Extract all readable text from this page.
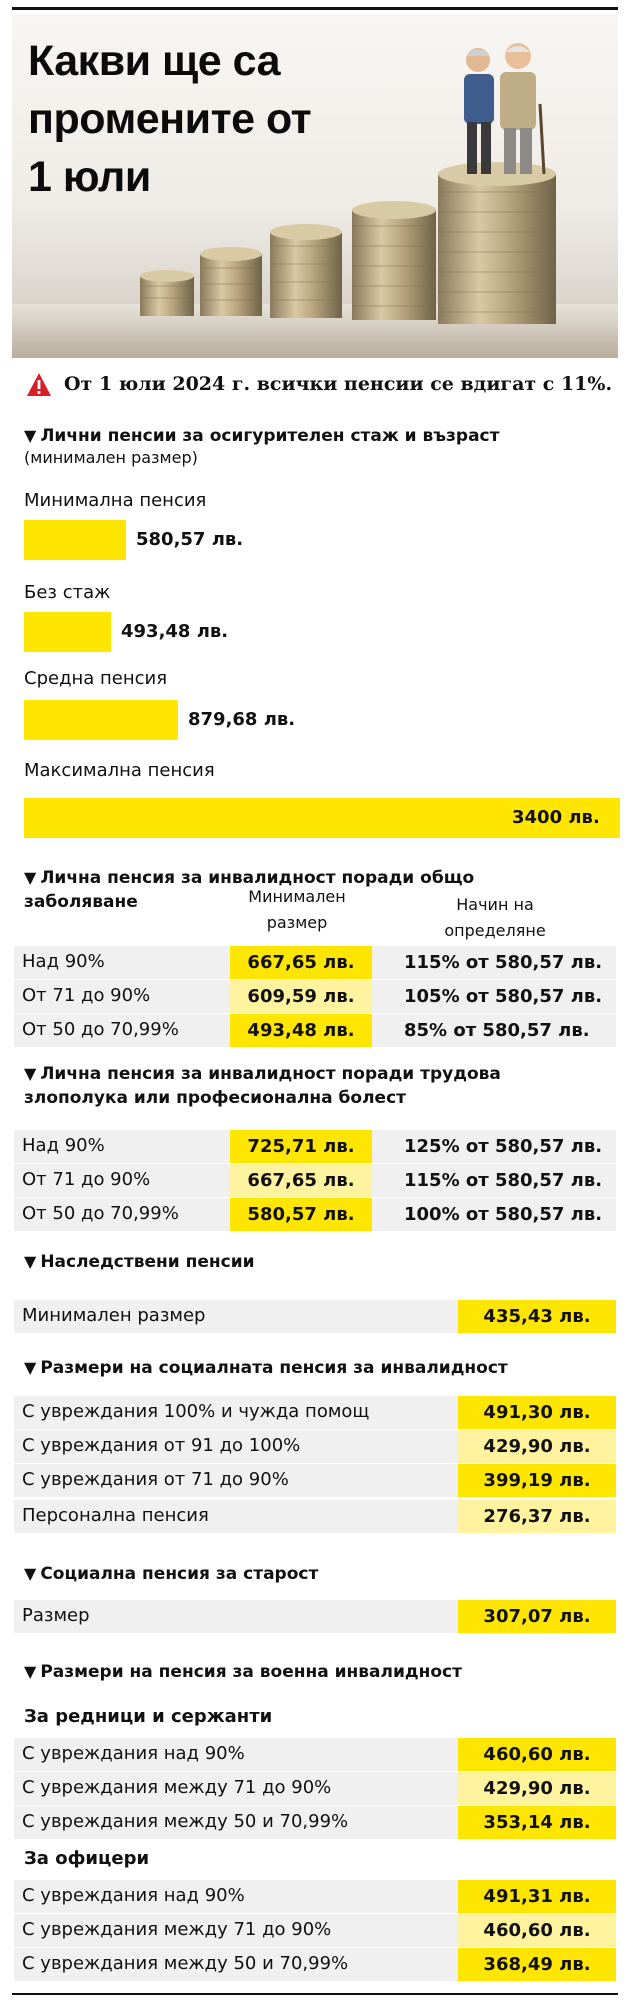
Какви ще са
промените от
1 юли
От 1 юли 2024 г. всички пенсии се вдигат с 11%.
▼ Лични пенсии за осигурителен стаж и възраст
(минимален размер)
Минимална пенсия
580,57 лв.
Без стаж
493,48 лв.
Средна пенсия
879,68 лв.
Максимална пенсия
3400 лв.
▼ Лична пенсия за инвалидност поради общо
заболяване	Минимален
размер
Начин на
определяне
Над 90%	667,65 лв.	115% от 580,57 лв.
От 71 до 90%	609,59 лв.	105% от 580,57 лв.
От 50 до 70,99%	493,48 лв.	85% от 580,57 лв.
▼ Лична пенсия за инвалидност поради трудова
злополука или професионална болест
Над 90%	725,71 лв.	125% от 580,57 лв.
От 71 до 90%	667,65 лв.	115% от 580,57 лв.
От 50 до 70,99%	580,57 лв.	100% от 580,57 лв.
▼ Наследствени пенсии
Минимален размер	435,43 лв.
▼ Размери на социалната пенсия за инвалидност
С увреждания 100% и чужда помощ	491,30 лв.
С увреждания от 91 до 100%	429,90 лв.
С увреждания от 71 до 90%	399,19 лв.
Персонална пенсия	276,37 лв.
▼ Социална пенсия за старост
Размер	307,07 лв.
▼ Размери на пенсия за военна инвалидност
За редници и сержанти
С увреждания над 90%	460,60 лв.
С увреждания между 71 до 90%	429,90 лв.
С увреждания между 50 и 70,99%	353,14 лв.
За офицери
С увреждания над 90%	491,31 лв.
С увреждания между 71 до 90%	460,60 лв.
С увреждания между 50 и 70,99%	368,49 лв.
